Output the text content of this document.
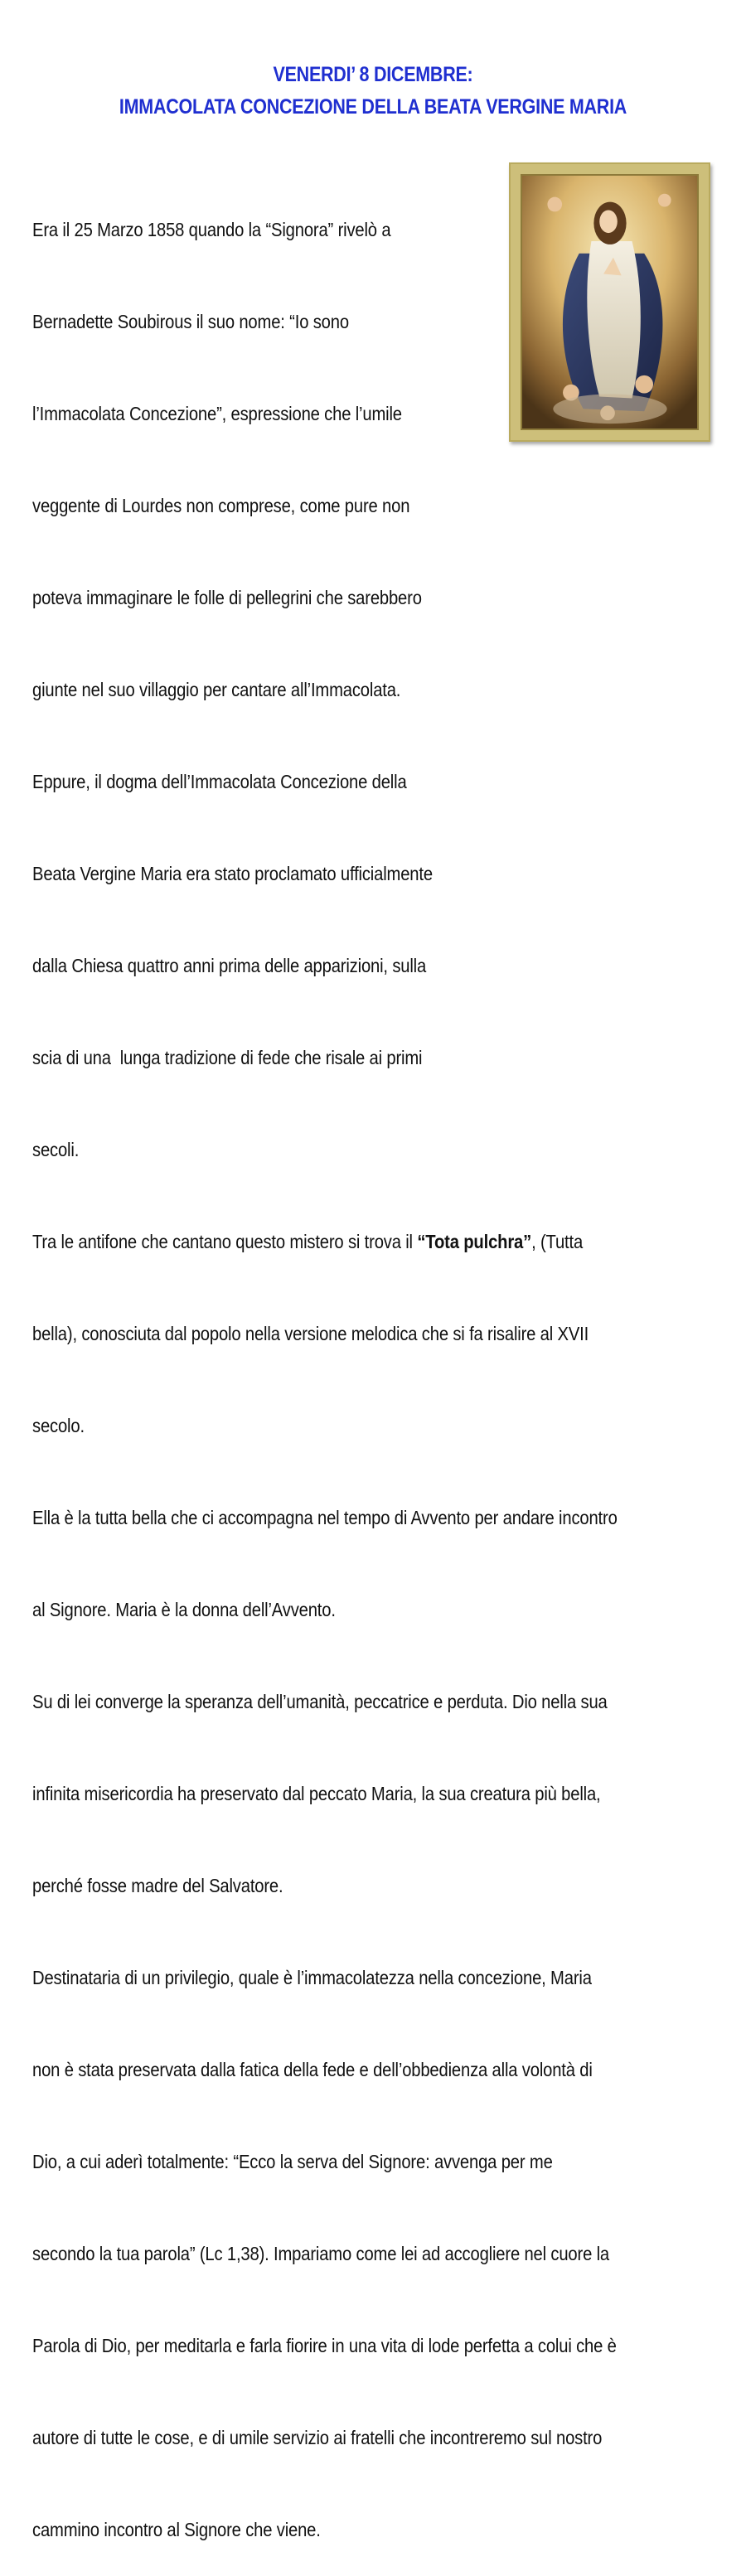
VENERDI’ 8 DICEMBRE:
IMMACOLATA CONCEZIONE DELLA BEATA VERGINE MARIA

Era il 25 Marzo 1858 quando la “Signora” rivelò a

Bernadette Soubirous il suo nome: “Io sono

l’Immacolata Concezione”, espressione che l’umile

veggente di Lourdes non comprese, come pure non

poteva immaginare le folle di pellegrini che sarebbero

giunte nel suo villaggio per cantare all’Immacolata.

Eppure, il dogma dell’Immacolata Concezione della

Beata Vergine Maria era stato proclamato ufficialmente

dalla Chiesa quattro anni prima delle apparizioni, sulla

scia di una  lunga tradizione di fede che risale ai primi

secoli.

Tra le antifone che cantano questo mistero si trova il “Tota pulchra”, (Tutta

bella), conosciuta dal popolo nella versione melodica che si fa risalire al XVII

secolo.

Ella è la tutta bella che ci accompagna nel tempo di Avvento per andare incontro

al Signore. Maria è la donna dell’Avvento.

Su di lei converge la speranza dell’umanità, peccatrice e perduta. Dio nella sua

infinita misericordia ha preservato dal peccato Maria, la sua creatura più bella,

perché fosse madre del Salvatore.

Destinataria di un privilegio, quale è l’immacolatezza nella concezione, Maria

non è stata preservata dalla fatica della fede e dell’obbedienza alla volontà di

Dio, a cui aderì totalmente: “Ecco la serva del Signore: avvenga per me

secondo la tua parola” (Lc 1,38). Impariamo come lei ad accogliere nel cuore la

Parola di Dio, per meditarla e farla fiorire in una vita di lode perfetta a colui che è

autore di tutte le cose, e di umile servizio ai fratelli che incontreremo sul nostro

cammino incontro al Signore che viene.
